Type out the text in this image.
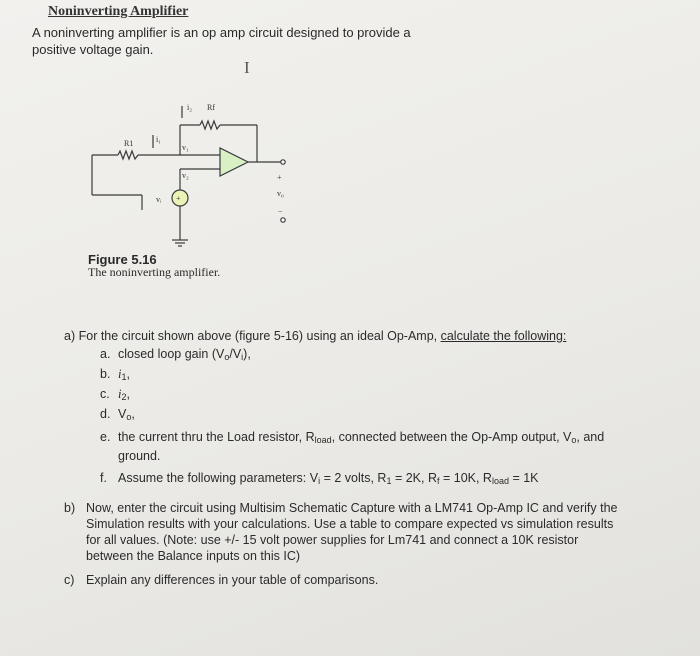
Noninverting Amplifier
A noninverting amplifier is an op amp circuit designed to provide a positive voltage gain.
I
i₂ Rf
R1	i₁
v₁
v₂
vᵢ
+
v₀
−
+
Figure 5.16
The noninverting amplifier.
a) For the circuit shown above (figure 5-16) using an ideal Op-Amp, calculate the following:
a. closed loop gain $(V_o/V_i)$,
b. $i_1$,
c. $i_2$,
d. $V_o$,
e. the current thru the Load resistor, $R_{load}$, connected between the Op-Amp output, $V_o$, and
ground.
f. Assume the following parameters: $V_i = 2$ volts, $R_1 = 2K$, $R_f = 10K$, $R_{load} = 1K$
b) Now, enter the circuit using Multisim Schematic Capture with a LM741 Op-Amp IC and verify the
Simulation results with your calculations. Use a table to compare expected vs simulation results
for all values. (Note: use +/- 15 volt power supplies for Lm741 and connect a 10K resistor
between the Balance inputs on this IC)
c) Explain any differences in your table of comparisons.
